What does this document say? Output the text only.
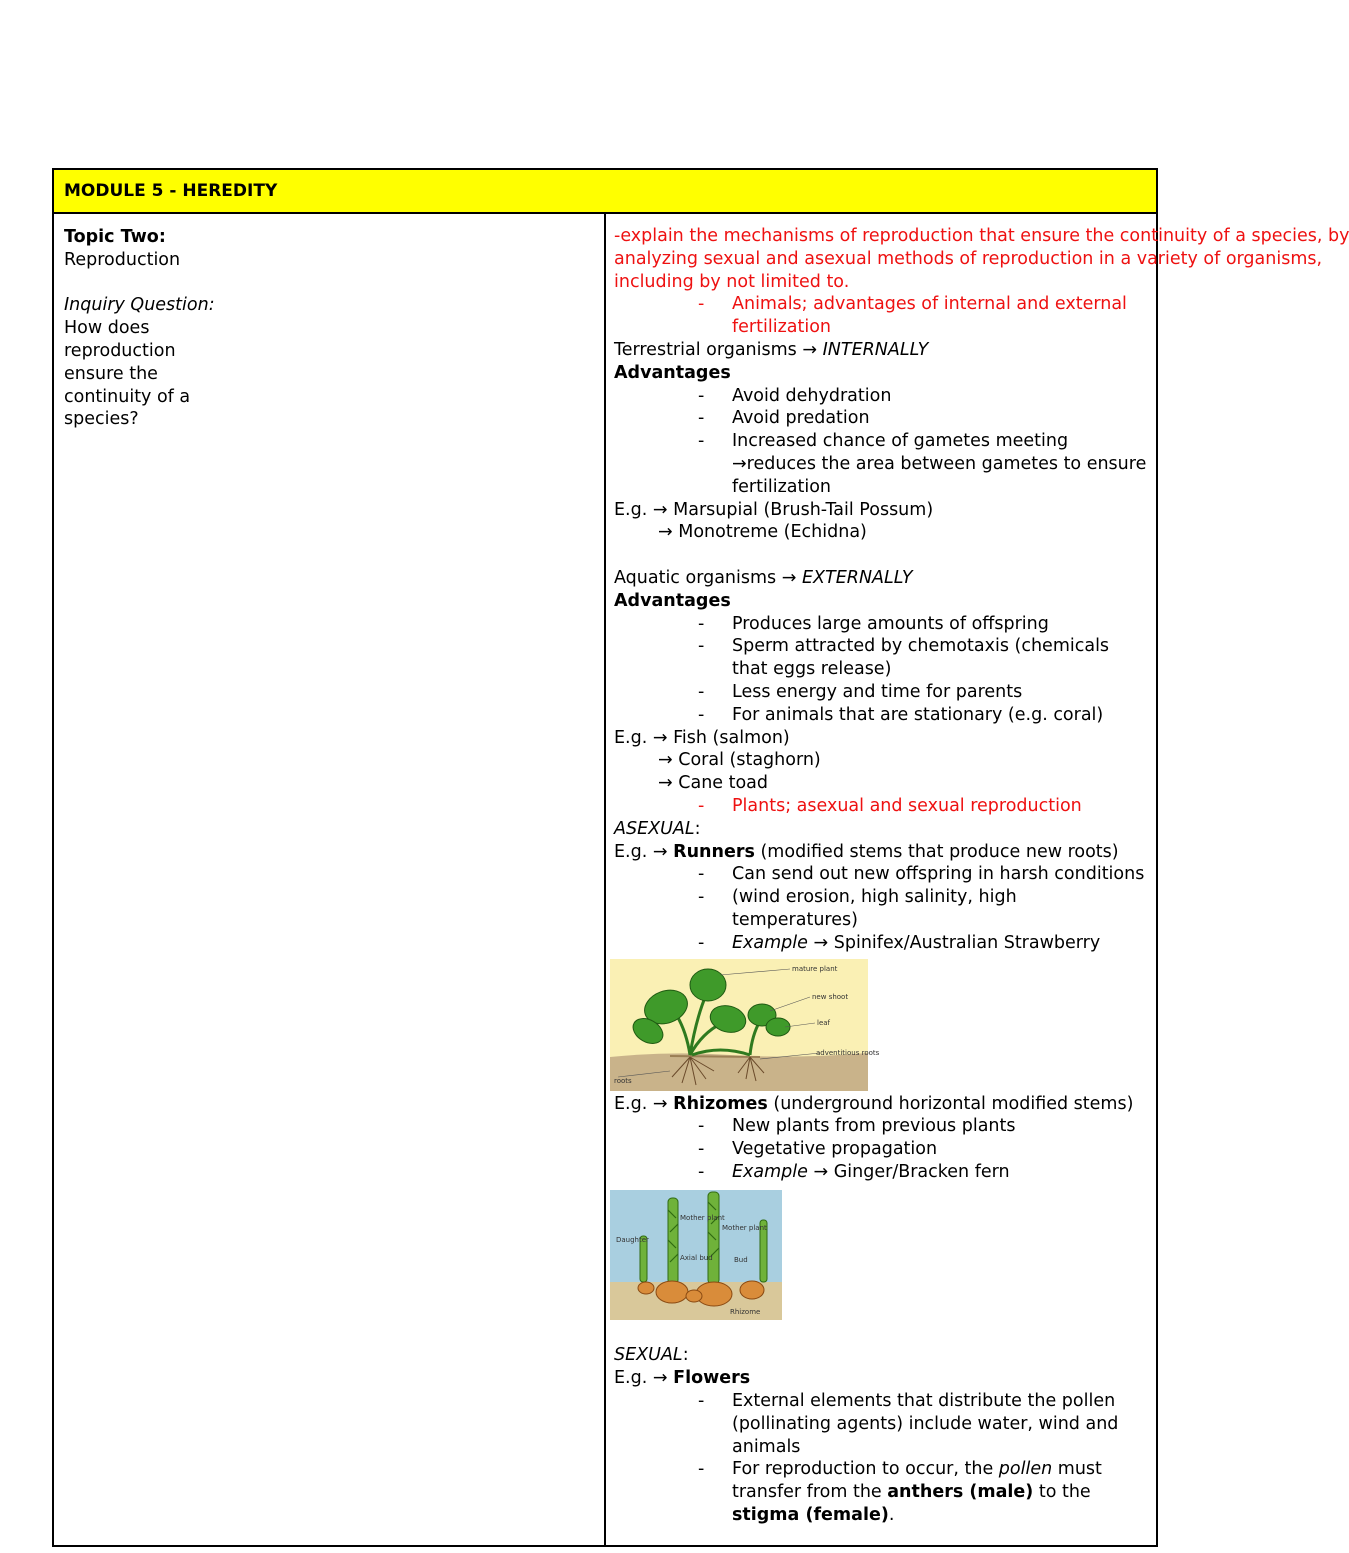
MODULE 5 - HEREDITY

Topic Two:
Reproduction
Inquiry Question:
How does
reproduction
ensure the
continuity of a
species?

-explain the mechanisms of reproduction that ensure the continuity of a species, by
analyzing sexual and asexual methods of reproduction in a variety of organisms,
including by not limited to.
-	Animals; advantages of internal and external fertilization
Terrestrial organisms → INTERNALLY
Advantages
-	Avoid dehydration
-	Avoid predation
-	Increased chance of gametes meeting →reduces the area between gametes to ensure fertilization
E.g. → Marsupial (Brush-Tail Possum)
→ Monotreme (Echidna)
Aquatic organisms → EXTERNALLY
Advantages
-	Produces large amounts of offspring
-	Sperm attracted by chemotaxis (chemicals that eggs release)
-	Less energy and time for parents
-	For animals that are stationary (e.g. coral)
E.g. → Fish (salmon)
→ Coral (staghorn)
→ Cane toad
-	Plants; asexual and sexual reproduction
ASEXUAL:
E.g. → Runners (modified stems that produce new roots)
-	Can send out new offspring in harsh conditions
-	(wind erosion, high salinity, high temperatures)
-	Example → Spinifex/Australian Strawberry
mature plant
new shoot
leaf
adventitious roots
roots
E.g. → Rhizomes (underground horizontal modified stems)
-	New plants from previous plants
-	Vegetative propagation
-	Example → Ginger/Bracken fern
Mother plant
Mother plant
Daughter
Axial bud	Bud
Rhizome
SEXUAL:
E.g. → Flowers
-	External elements that distribute the pollen (pollinating agents) include water, wind and animals
-	For reproduction to occur, the pollen must transfer from the anthers (male) to the stigma (female).
